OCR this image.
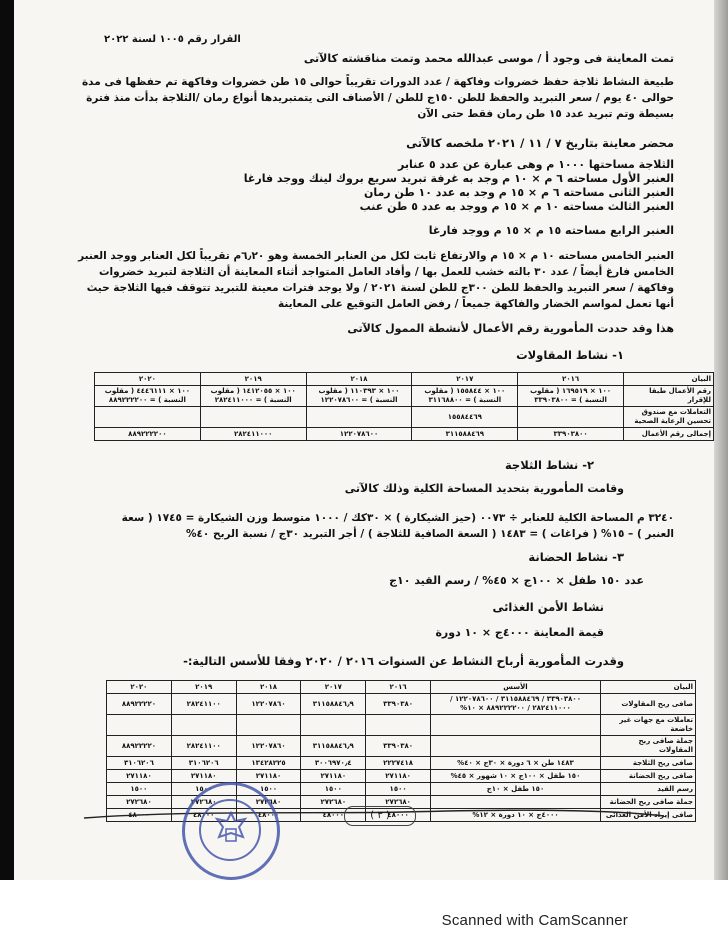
القرار رقم ١٠٠٥ لسنة ٢٠٢٢
تمت المعاينة فى وجود أ / موسى عبدالله محمد وتمت مناقشته كالآتى
طبيعة النشاط ثلاجة حفظ خضروات وفاكهة / عدد الدورات تقريباً حوالى ١٥ طن خضروات وفاكهة تم حفظها فى مدة حوالى ٤٠ يوم / سعر التبريد والحفظ للطن ١٥٠ج للطن / الأصناف التى يتمتبريدها أنواع رمان /الثلاجة بدأت منذ فترة بسيطة وتم تبريد عدد ١٥ طن رمان فقط حتى الآن
محضر معاينة بتاريخ ٧ / ١١ / ٢٠٢١ ملخصه كالآتى
الثلاجة مساحتها ١٠٠٠ م وهى عبارة عن عدد ٥ عنابر
العنبر الأول مساحته ٦ م × ١٠ م وجد به غرفة تبريد سريع بروك لينك ووجد فارغا
العنبر الثانى مساحته ٦ م × ١٥ م وجد به عدد ١٠ طن رمان
العنبر الثالث مساحته ١٠ م × ١٥ م ووجد به عدد ٥ طن عنب
العنبر الرابع مساحته ١٥ م × ١٥ م ووجد فارغا
العنبر الخامس مساحته ١٠ م × ١٥ م والارتفاع ثابت لكل من العنابر الخمسة وهو ٦٫٢٠م تقريباً لكل العنابر ووجد العنبر الخامس فارغ أيضاً / عدد ٣٠ بالته خشب للعمل بها / وأفاد العامل المتواجد أثناء المعاينة أن الثلاجة لتبريد خضروات وفاكهة / سعر التبريد والحفظ للطن ٣٠٠ج للطن لسنة ٢٠٢١ / ولا يوجد فترات معينة للتبريد تتوقف فيها الثلاجة حيث أنها تعمل لمواسم الخضار والفاكهة جميعاً / رفض العامل التوقيع على المعاينة
هذا وقد حددت المأمورية رقم الأعمال لأنشطة الممول كالآتى
١- نشاط المقاولات
البيان	٢٠١٦	٢٠١٧	٢٠١٨	٢٠١٩	٢٠٢٠
رقم الأعمال طبقا للإقرار	١٠٠ × ١٦٩٥١٩ ( مقلوب النسبة ) = ٣٣٩٠٣٨٠٠	١٠٠ × ١٥٥٨٤٤ ( مقلوب النسبة ) = ٣١١٦٨٨٠٠	١٠٠ × ١١٠٣٩٣ ( مقلوب النسبة ) = ١٢٢٠٧٨٦٠٠	١٠٠ × ١٤١٢٠٥٥ ( مقلوب النسبة ) = ٢٨٢٤١١٠٠٠	١٠٠ × ٤٤٤٦١١١ ( مقلوب النسبة ) = ٨٨٩٢٢٢٢٠٠
التعاملات مع صندوق تحسين الرعاية الصحية		١٥٥٨٤٤٦٩			
إجمالى رقم الأعمال	٣٣٩٠٣٨٠٠	٣١١٥٨٨٤٦٩	١٢٢٠٧٨٦٠٠	٢٨٢٤١١٠٠٠	٨٨٩٢٢٢٢٠٠
٢- نشاط الثلاجة
وقامت المأمورية بتحديد المساحة الكلية وذلك كالآتى
٣٢٤٠ م المساحة الكلية للعنابر ÷ ٠٠٧٣ (حيز الشيكارة ) × ٣٠كك / ١٠٠٠ متوسط وزن الشيكارة = ١٧٤٥ ( سعة العنبر ) – ١٥% ( فراغات ) = ١٤٨٣ ( السعة الصافية للثلاجة ) / أجر التبريد ٣٠ج / نسبة الربح ٤٠%
٣- نشاط الحضانة
عدد ١٥٠ طفل × ١٠٠ج × ٤٥% / رسم القيد ١٠ج
نشاط الأمن الغذائى
قيمة المعاينة ٤٠٠٠ج × ١٠ دورة
وقدرت المأمورية أرباح النشاط عن السنوات ٢٠١٦ / ٢٠٢٠ وفقا للأسس التالية:-
البيان	الأسس	٢٠١٦	٢٠١٧	٢٠١٨	٢٠١٩	٢٠٢٠
صافى ربح المقاولات	٣٣٩٠٣٨٠٠ / ٣١١٥٨٨٤٦٩ / ١٢٢٠٧٨٦٠٠ / ٢٨٢٤١١٠٠٠ / ٨٨٩٢٢٢٢٠٠ × ١٠%	٣٣٩٠٣٨٠	٣١١٥٨٨٤٦٫٩	١٢٢٠٧٨٦٠	٢٨٢٤١١٠٠	٨٨٩٢٢٢٢٠
تعاملات مع جهات غير خاضعة						
جملة صافى ربح المقاولات		٣٣٩٠٣٨٠	٣١١٥٨٨٤٦٫٩	١٢٢٠٧٨٦٠	٢٨٢٤١١٠٠	٨٨٩٢٢٢٢٠
صافى ربح الثلاجة	١٤٨٣ طن × ٦ دورة × ٣٠ج × ٤٠%	٢٢٢٧٤١٨	٣٠٠٦٩٧٠٫٤	١٣٤٢٨٢٢٥	٣١٠٦٢٠٦	٣١٠٦٢٠٦
صافى ربح الحضانة	١٥٠ طفل × ١٠٠ج × ١٠ شهور × ٤٥%	٢٧١١٨٠	٢٧١١٨٠	٢٧١١٨٠	٢٧١١٨٠	٢٧١١٨٠
رسم القيد	١٥٠ طفل × ١٠ج	١٥٠٠	١٥٠٠	١٥٠٠	١٥٠٠	١٥٠٠
جملة صافى ربح الحضانة		٢٧٢٦٨٠	٢٧٢٦٨٠	٢٧٢٦٨٠	٢٧٢٦٨٠	٢٧٢٦٨٠
صافى إيراد الأمن الغذائى	٤٠٠٠ج × ١٠ دورة × ١٢%	٤٨٠٠٠	٤٨٠٠٠	٤٨٠٠٠	٤٨٠٠٠	٤٨٠٠٠	( ٣ )
Scanned with CamScanner
